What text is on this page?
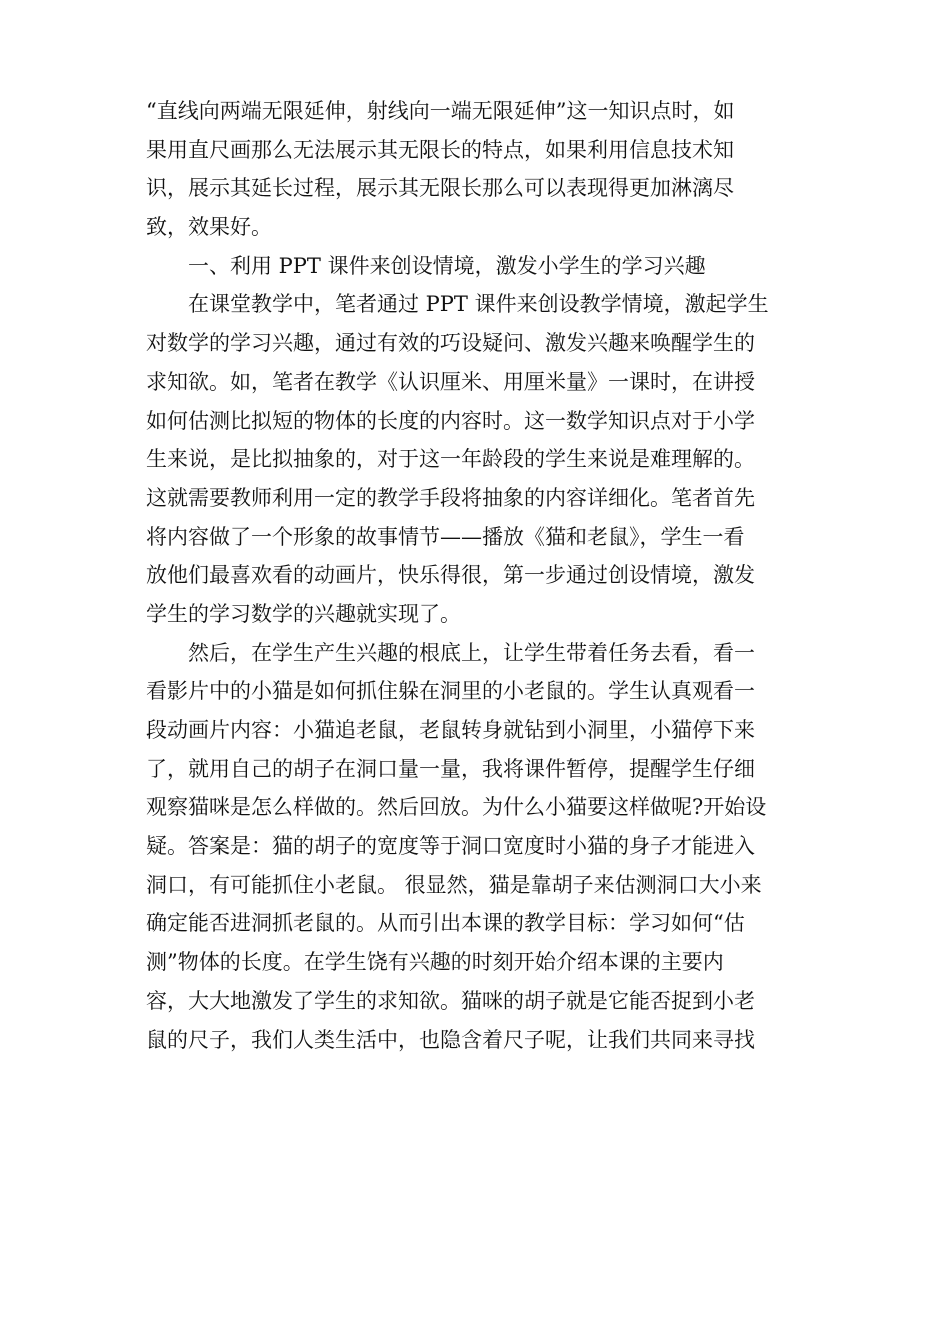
“直线向两端无限延伸，射线向一端无限延伸”这一知识点时，如
果用直尺画那么无法展示其无限长的特点，如果利用信息技术知
识，展示其延长过程，展示其无限长那么可以表现得更加淋漓尽
致，效果好。
　　一、利用 PPT 课件来创设情境，激发小学生的学习兴趣
　　在课堂教学中，笔者通过 PPT 课件来创设教学情境，激起学生
对数学的学习兴趣，通过有效的巧设疑问、激发兴趣来唤醒学生的
求知欲。如，笔者在教学《认识厘米、用厘米量》一课时，在讲授
如何估测比拟短的物体的长度的内容时。这一数学知识点对于小学
生来说，是比拟抽象的，对于这一年龄段的学生来说是难理解的。
这就需要教师利用一定的教学手段将抽象的内容详细化。笔者首先
将内容做了一个形象的故事情节——播放《猫和老鼠》，学生一看
放他们最喜欢看的动画片，快乐得很，第一步通过创设情境，激发
学生的学习数学的兴趣就实现了。
　　然后，在学生产生兴趣的根底上，让学生带着任务去看，看一
看影片中的小猫是如何抓住躲在洞里的小老鼠的。学生认真观看一
段动画片内容：小猫追老鼠，老鼠转身就钻到小洞里，小猫停下来
了，就用自己的胡子在洞口量一量，我将课件暂停，提醒学生仔细
观察猫咪是怎么样做的。然后回放。为什么小猫要这样做呢?开始设
疑。答案是：猫的胡子的宽度等于洞口宽度时小猫的身子才能进入
洞口，有可能抓住小老鼠。 很显然，猫是靠胡子来估测洞口大小来
确定能否进洞抓老鼠的。从而引出本课的教学目标：学习如何“估
测”物体的长度。在学生饶有兴趣的时刻开始介绍本课的主要内
容，大大地激发了学生的求知欲。猫咪的胡子就是它能否捉到小老
鼠的尺子，我们人类生活中，也隐含着尺子呢，让我们共同来寻找
